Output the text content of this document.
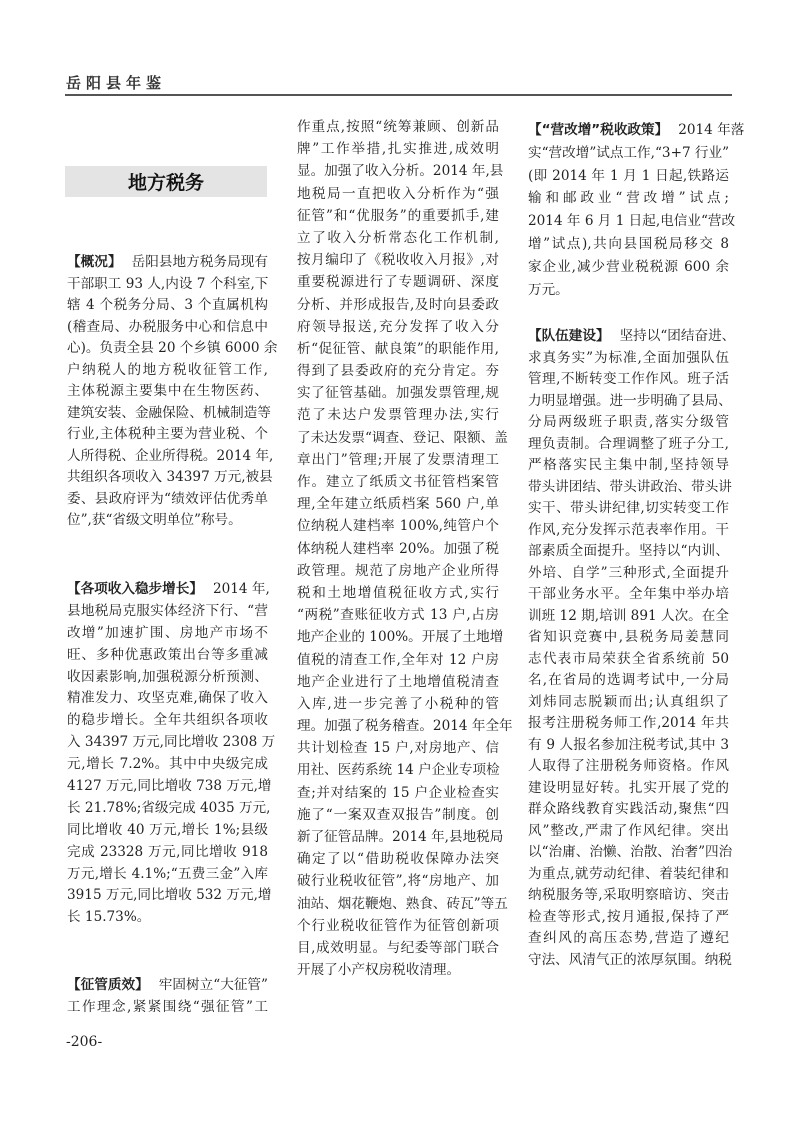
岳阳县年鉴
地方税务
【概况】 岳阳县地方税务局现有
干部职工 93 人,内设 7 个科室,下
辖 4 个税务分局、3 个直属机构
(稽查局、办税服务中心和信息中
心)。负责全县 20 个乡镇 6000 余
户纳税人的地方税收征管工作,
主体税源主要集中在生物医药、
建筑安装、金融保险、机械制造等
行业,主体税种主要为营业税、个
人所得税、企业所得税。2014 年,
共组织各项收入 34397 万元,被县
委、县政府评为“绩效评估优秀单
位”,获“省级文明单位”称号。
【各项收入稳步增长】 2014 年,
县地税局克服实体经济下行、“营
改增”加速扩围、房地产市场不
旺、多种优惠政策出台等多重减
收因素影响,加强税源分析预测、
精准发力、攻坚克难,确保了收入
的稳步增长。全年共组织各项收
入 34397 万元,同比增收 2308 万
元,增长 7.2%。其中中央级完成
4127 万元,同比增收 738 万元,增
长 21.78%;省级完成 4035 万元,
同比增收 40 万元,增长 1%;县级
完成 23328 万元,同比增收 918
万元,增长 4.1%;“五费三金”入库
3915 万元,同比增收 532 万元,增
长 15.73%。
【征管质效】 牢固树立“大征管”
工作理念,紧紧围绕“强征管”工
作重点,按照“统筹兼顾、创新品
牌”工作举措,扎实推进,成效明
显。加强了收入分析。2014 年,县
地税局一直把收入分析作为“强
征管”和“优服务”的重要抓手,建
立了收入分析常态化工作机制,
按月编印了《税收收入月报》,对
重要税源进行了专题调研、深度
分析、并形成报告,及时向县委政
府领导报送,充分发挥了收入分
析“促征管、献良策”的职能作用,
得到了县委政府的充分肯定。夯
实了征管基础。加强发票管理,规
范了未达户发票管理办法,实行
了未达发票“调查、登记、限额、盖
章出门”管理;开展了发票清理工
作。建立了纸质文书征管档案管
理,全年建立纸质档案 560 户,单
位纳税人建档率 100%,纯管户个
体纳税人建档率 20%。加强了税
政管理。规范了房地产企业所得
税和土地增值税征收方式,实行
“两税”查账征收方式 13 户,占房
地产企业的 100%。开展了土地增
值税的清查工作,全年对 12 户房
地产企业进行了土地增值税清查
入库,进一步完善了小税种的管
理。加强了税务稽查。2014 年全年
共计划检查 15 户,对房地产、信
用社、医药系统 14 户企业专项检
查;并对结案的 15 户企业检查实
施了“一案双查双报告”制度。创
新了征管品牌。2014 年,县地税局
确定了以“借助税收保障办法突
破行业税收征管”,将“房地产、加
油站、烟花鞭炮、熟食、砖瓦”等五
个行业税收征管作为征管创新项
目,成效明显。与纪委等部门联合
开展了小产权房税收清理。
【“营改增”税收政策】 2014 年落
实“营改增”试点工作,“3+7 行业”
(即 2014 年 1 月 1 日起,铁路运
输和邮政业“营改增”试点;
2014 年 6 月 1 日起,电信业“营改
增”试点),共向县国税局移交 8
家企业,减少营业税税源 600 余
万元。
【队伍建设】 坚持以“团结奋进、
求真务实”为标准,全面加强队伍
管理,不断转变工作作风。班子活
力明显增强。进一步明确了县局、
分局两级班子职责,落实分级管
理负责制。合理调整了班子分工,
严格落实民主集中制,坚持领导
带头讲团结、带头讲政治、带头讲
实干、带头讲纪律,切实转变工作
作风,充分发挥示范表率作用。干
部素质全面提升。坚持以“内训、
外培、自学”三种形式,全面提升
干部业务水平。全年集中举办培
训班 12 期,培训 891 人次。在全
省知识竞赛中,县税务局姜慧同
志代表市局荣获全省系统前 50
名,在省局的选调考试中,一分局
刘炜同志脱颖而出;认真组织了
报考注册税务师工作,2014 年共
有 9 人报名参加注税考试,其中 3
人取得了注册税务师资格。作风
建设明显好转。扎实开展了党的
群众路线教育实践活动,聚焦“四
风”整改,严肃了作风纪律。突出
以“治庸、治懒、治散、治奢”四治
为重点,就劳动纪律、着装纪律和
纳税服务等,采取明察暗访、突击
检查等形式,按月通报,保持了严
查纠风的高压态势,营造了遵纪
守法、风清气正的浓厚氛围。纳税
-206-
